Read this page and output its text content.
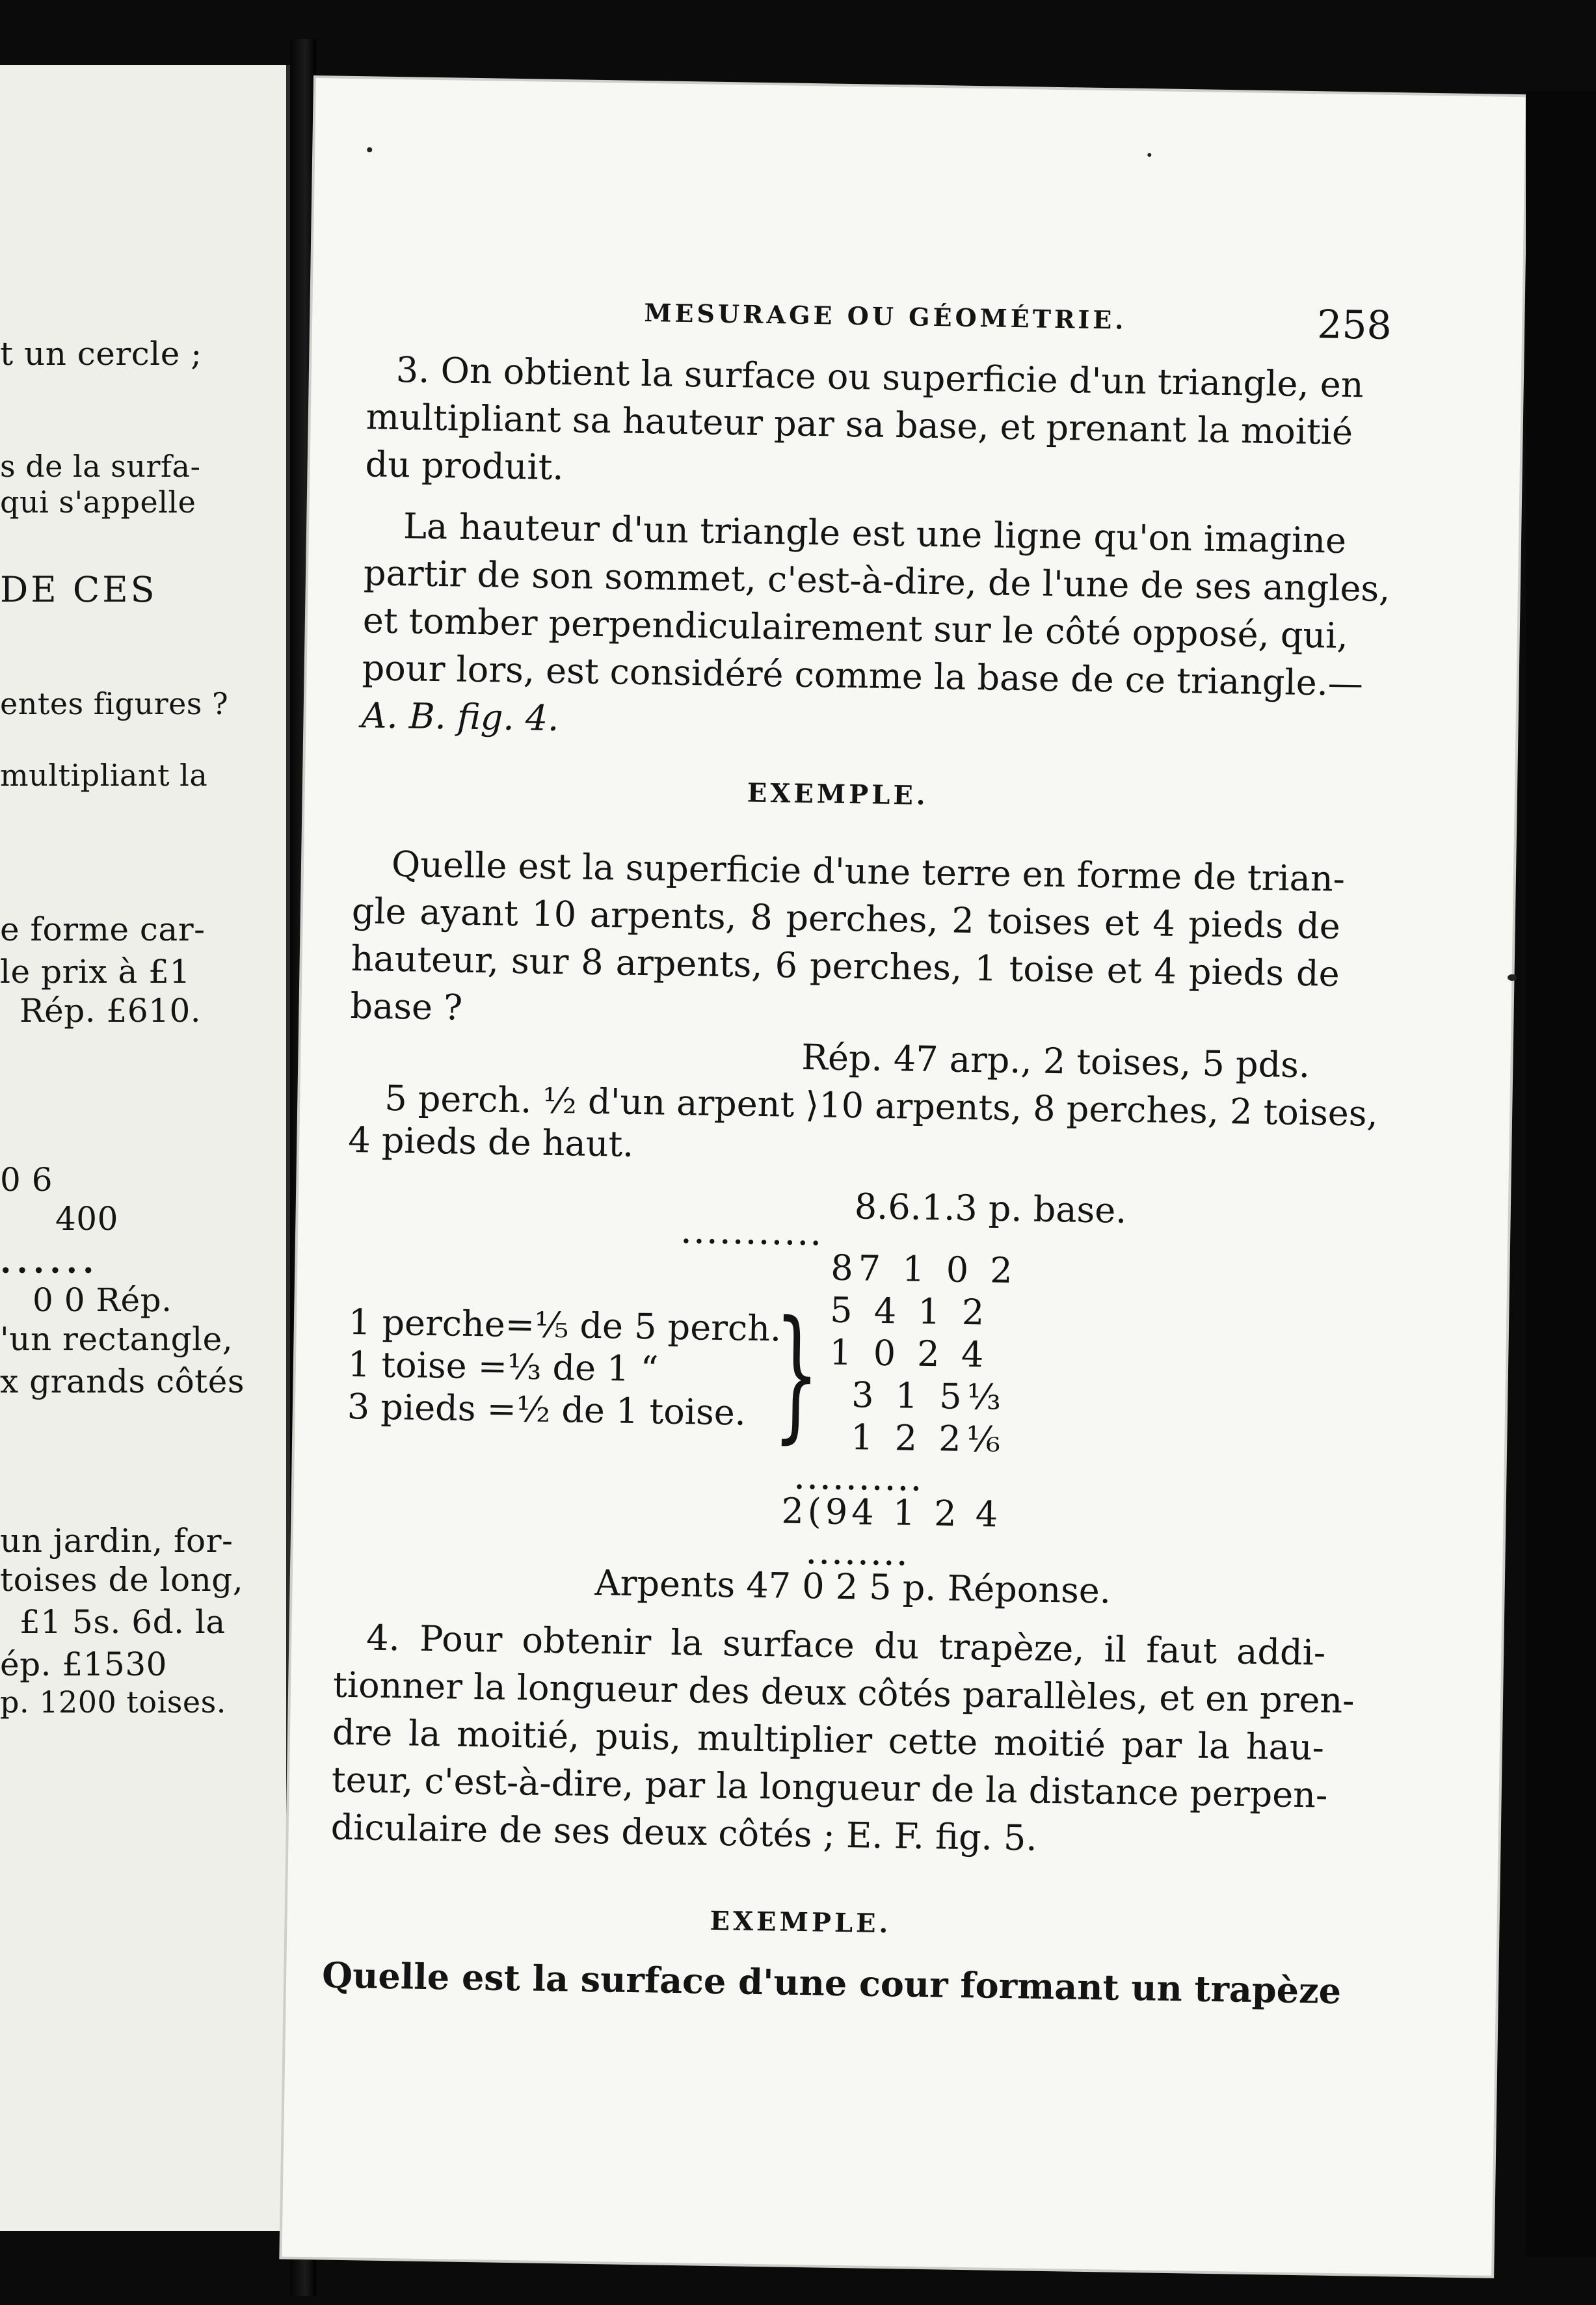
t un cercle ;
s de la surfa-
qui s'appelle
DE CES
entes figures ?
multipliant la
e forme car-
le prix à £1
Rép. £610.
0 6
400
......
0 0 Rép.
'un rectangle,
x grands côtés
un jardin, for-
toises de long,
£1 5s. 6d. la
ép. £1530
p. 1200 toises.
MESURAGE OU GÉOMÉTRIE.	258
3. On obtient la surface ou superficie d'un triangle, en
multipliant sa hauteur par sa base, et prenant la moitié
du produit.
La hauteur d'un triangle est une ligne qu'on imagine
partir de son sommet, c'est-à-dire, de l'une de ses angles,
et tomber perpendiculairement sur le côté opposé, qui,
pour lors, est considéré comme la base de ce triangle.—
A. B. fig. 4.
EXEMPLE.
Quelle est la superficie d'une terre en forme de trian-
gle ayant 10 arpents, 8 perches, 2 toises et 4 pieds de
hauteur, sur 8 arpents, 6 perches, 1 toise et 4 pieds de
base ?
Rép. 47 arp., 2 toises, 5 pds.
5 perch. ½ d'un arpent ⟩10 arpents, 8 perches, 2 toises,
4 pieds de haut.
8.6.1.3 p. base.
...........
1 perche=⅕ de 5 perch.
1 toise =⅓ de 1 “
3 pieds =½ de 1 toise. }
87 1 0 2
5 4 1 2
1 0 2 4
3 1 5⅓
1 2 2⅙
..........
2(94 1 2 4
........
Arpents 47 0 2 5 p. Réponse.
4. Pour obtenir la surface du trapèze, il faut addi-
tionner la longueur des deux côtés parallèles, et en pren-
dre la moitié, puis, multiplier cette moitié par la hau-
teur, c'est-à-dire, par la longueur de la distance perpen-
diculaire de ses deux côtés ; E. F. fig. 5.
EXEMPLE.
Quelle est la surface d'une cour formant un trapèze
